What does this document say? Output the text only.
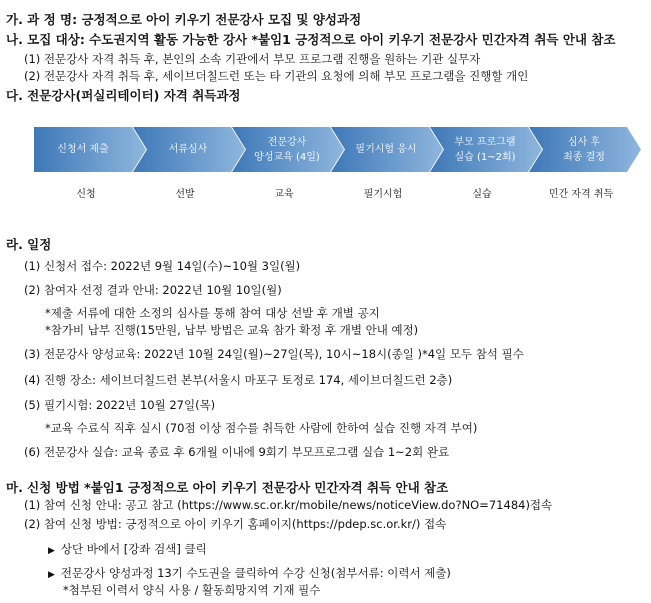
가. 과 정 명: 긍정적으로 아이 키우기 전문강사 모집 및 양성과정
나. 모집 대상: 수도권지역 활동 가능한 강사 *붙임1 긍정적으로 아이 키우기 전문강사 민간자격 취득 안내 참조
(1) 전문강사 자격 취득 후, 본인의 소속 기관에서 부모 프로그램 진행을 원하는 기관 실무자
(2) 전문강사 자격 취득 후, 세이브더칠드런 또는 타 기관의 요청에 의해 부모 프로그램을 진행할 개인
다. 전문강사(퍼실리테이터) 자격 취득과정
신청서 제출
신청
서류심사
선발
전문강사
양성교육 (4일)
교육
필기시험 응시
필기시험
부모 프로그램
실습 (1~2회)
실습
심사 후
최종 결정
민간 자격 취득
라. 일정
(1) 신청서 접수: 2022년 9월 14일(수)~10월 3일(월)
(2) 참여자 선정 결과 안내: 2022년 10월 10일(월)
*제출 서류에 대한 소정의 심사를 통해 참여 대상 선발 후 개별 공지
*참가비 납부 진행(15만원, 납부 방법은 교육 참가 확정 후 개별 안내 예정)
(3) 전문강사 양성교육: 2022년 10월 24일(월)~27일(목), 10시~18시(종일 )*4일 모두 참석 필수
(4) 진행 장소: 세이브더칠드런 본부(서울시 마포구 토정로 174, 세이브더칠드런 2층)
(5) 필기시험: 2022년 10월 27일(목)
*교육 수료식 직후 실시 (70점 이상 점수를 취득한 사람에 한하여 실습 진행 자격 부여)
(6) 전문강사 실습: 교육 종료 후 6개월 이내에 9회기 부모프로그램 실습 1~2회 완료
마. 신청 방법 *붙임1 긍정적으로 아이 키우기 전문강사 민간자격 취득 안내 참조
(1) 참여 신청 안내: 공고 참고 (https://www.sc.or.kr/mobile/news/noticeView.do?NO=71484)접속
(2) 참여 신청 방법: 긍정적으로 아이 키우기 홈페이지(https://pdep.sc.or.kr/) 접속
▶ 상단 바에서 [강좌 검색] 클릭
▶ 전문강사 양성과정 13기 수도권을 클릭하여 수강 신청(첨부서류: 이력서 제출)
*첨부된 이력서 양식 사용 / 활동희망지역 기재 필수
